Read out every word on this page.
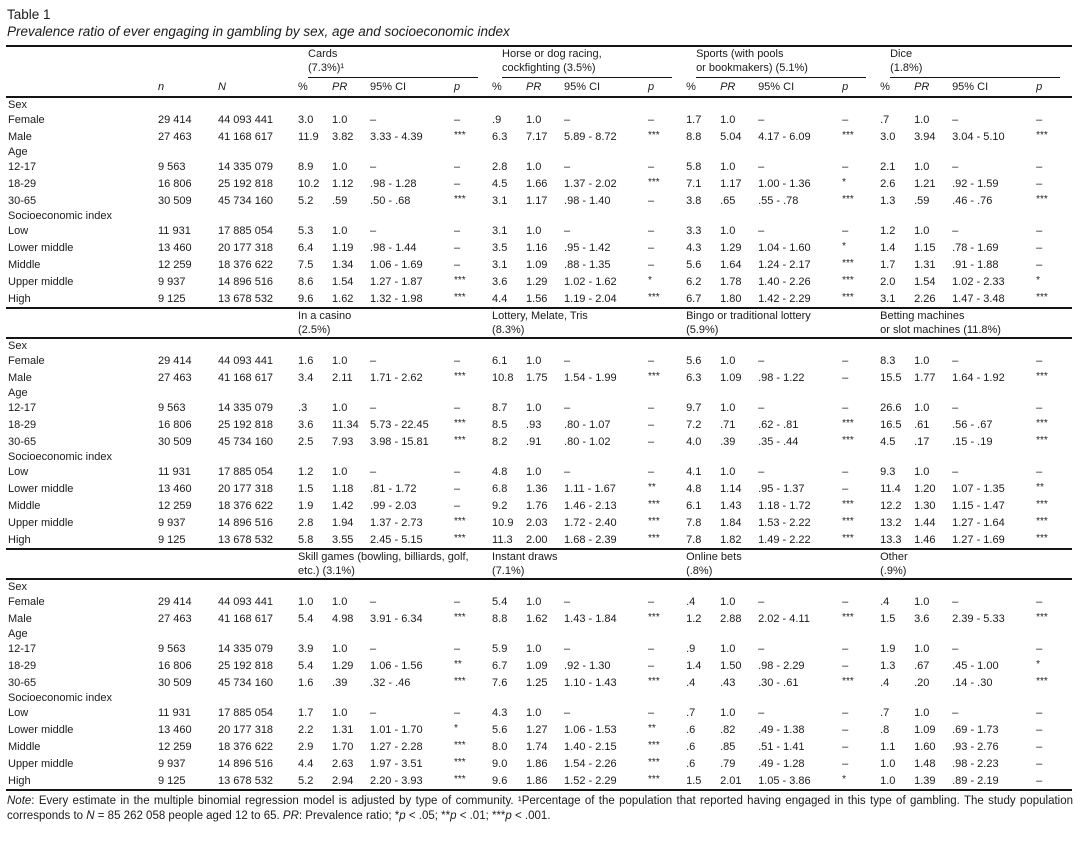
Table 1
Prevalence ratio of ever engaging in gambling by sex, age and socioeconomic index

Cards
(7.3%)¹

Horse or dog racing,
cockfighting (3.5%)

Sports (with pools
or bookmakers) (5.1%)

Dice
(1.8%)

	n	N	%	PR	95% CI	p	%	PR	95% CI	p	%	PR	95% CI	p	%	PR	95% CI	p
Sex																		
Female	29 414	44 093 441	3.0	1.0	–	–	.9	1.0	–	–	1.7	1.0	–	–	.7	1.0	–	–
Male	27 463	41 168 617	11.9	3.82	3.33 - 4.39	***	6.3	7.17	5.89 - 8.72	***	8.8	5.04	4.17 - 6.09	***	3.0	3.94	3.04 - 5.10	***
Age																		
12-17	9 563	14 335 079	8.9	1.0	–	–	2.8	1.0	–	–	5.8	1.0	–	–	2.1	1.0	–	–
18-29	16 806	25 192 818	10.2	1.12	.98 - 1.28	–	4.5	1.66	1.37 - 2.02	***	7.1	1.17	1.00 - 1.36	*	2.6	1.21	.92 - 1.59	–
30-65	30 509	45 734 160	5.2	.59	.50 - .68	***	3.1	1.17	.98 - 1.40	–	3.8	.65	.55 - .78	***	1.3	.59	.46 - .76	***
Socioeconomic index																		
Low	11 931	17 885 054	5.3	1.0	–	–	3.1	1.0	–	–	3.3	1.0	–	–	1.2	1.0	–	–
Lower middle	13 460	20 177 318	6.4	1.19	.98 - 1.44	–	3.5	1.16	.95 - 1.42	–	4.3	1.29	1.04 - 1.60	*	1.4	1.15	.78 - 1.69	–
Middle	12 259	18 376 622	7.5	1.34	1.06 - 1.69	–	3.1	1.09	.88 - 1.35	–	5.6	1.64	1.24 - 2.17	***	1.7	1.31	.91 - 1.88	–
Upper middle	9 937	14 896 516	8.6	1.54	1.27 - 1.87	***	3.6	1.29	1.02 - 1.62	*	6.2	1.78	1.40 - 2.26	***	2.0	1.54	1.02 - 2.33	*
High	9 125	13 678 532	9.6	1.62	1.32 - 1.98	***	4.4	1.56	1.19 - 2.04	***	6.7	1.80	1.42 - 2.29	***	3.1	2.26	1.47 - 3.48	***

In a casino
(2.5%)

Lottery, Melate, Tris
(8.3%)

Bingo or traditional lottery
(5.9%)

Betting machines
or slot machines (11.8%)

Sex																		
Female	29 414	44 093 441	1.6	1.0	–	–	6.1	1.0	–	–	5.6	1.0	–	–	8.3	1.0	–	–
Male	27 463	41 168 617	3.4	2.11	1.71 - 2.62	***	10.8	1.75	1.54 - 1.99	***	6.3	1.09	.98 - 1.22	–	15.5	1.77	1.64 - 1.92	***
Age																		
12-17	9 563	14 335 079	.3	1.0	–	–	8.7	1.0	–	–	9.7	1.0	–	–	26.6	1.0	–	–
18-29	16 806	25 192 818	3.6	11.34	5.73 - 22.45	***	8.5	.93	.80 - 1.07	–	7.2	.71	.62 - .81	***	16.5	.61	.56 - .67	***
30-65	30 509	45 734 160	2.5	7.93	3.98 - 15.81	***	8.2	.91	.80 - 1.02	–	4.0	.39	.35 - .44	***	4.5	.17	.15 - .19	***
Socioeconomic index																		
Low	11 931	17 885 054	1.2	1.0	–	–	4.8	1.0	–	–	4.1	1.0	–	–	9.3	1.0	–	–
Lower middle	13 460	20 177 318	1.5	1.18	.81 - 1.72	–	6.8	1.36	1.11 - 1.67	**	4.8	1.14	.95 - 1.37	–	11.4	1.20	1.07 - 1.35	**
Middle	12 259	18 376 622	1.9	1.42	.99 - 2.03	–	9.2	1.76	1.46 - 2.13	***	6.1	1.43	1.18 - 1.72	***	12.2	1.30	1.15 - 1.47	***
Upper middle	9 937	14 896 516	2.8	1.94	1.37 - 2.73	***	10.9	2.03	1.72 - 2.40	***	7.8	1.84	1.53 - 2.22	***	13.2	1.44	1.27 - 1.64	***
High	9 125	13 678 532	5.8	3.55	2.45 - 5.15	***	11.3	2.00	1.68 - 2.39	***	7.8	1.82	1.49 - 2.22	***	13.3	1.46	1.27 - 1.69	***

Skill games (bowling, billiards, golf,
etc.) (3.1%)

Instant draws
(7.1%)

Online bets
(.8%)

Other
(.9%)

Sex																		
Female	29 414	44 093 441	1.0	1.0	–	–	5.4	1.0	–	–	.4	1.0	–	–	.4	1.0	–	–
Male	27 463	41 168 617	5.4	4.98	3.91 - 6.34	***	8.8	1.62	1.43 - 1.84	***	1.2	2.88	2.02 - 4.11	***	1.5	3.6	2.39 - 5.33	***
Age																		
12-17	9 563	14 335 079	3.9	1.0	–	–	5.9	1.0	–	–	.9	1.0	–	–	1.9	1.0	–	–
18-29	16 806	25 192 818	5.4	1.29	1.06 - 1.56	**	6.7	1.09	.92 - 1.30	–	1.4	1.50	.98 - 2.29	–	1.3	.67	.45 - 1.00	*
30-65	30 509	45 734 160	1.6	.39	.32 - .46	***	7.6	1.25	1.10 - 1.43	***	.4	.43	.30 - .61	***	.4	.20	.14 - .30	***
Socioeconomic index																		
Low	11 931	17 885 054	1.7	1.0	–	–	4.3	1.0	–	–	.7	1.0	–	–	.7	1.0	–	–
Lower middle	13 460	20 177 318	2.2	1.31	1.01 - 1.70	*	5.6	1.27	1.06 - 1.53	**	.6	.82	.49 - 1.38	–	.8	1.09	.69 - 1.73	–
Middle	12 259	18 376 622	2.9	1.70	1.27 - 2.28	***	8.0	1.74	1.40 - 2.15	***	.6	.85	.51 - 1.41	–	1.1	1.60	.93 - 2.76	–
Upper middle	9 937	14 896 516	4.4	2.63	1.97 - 3.51	***	9.0	1.86	1.54 - 2.26	***	.6	.79	.49 - 1.28	–	1.0	1.48	.98 - 2.23	–
High	9 125	13 678 532	5.2	2.94	2.20 - 3.93	***	9.6	1.86	1.52 - 2.29	***	1.5	2.01	1.05 - 3.86	*	1.0	1.39	.89 - 2.19	–
Note: Every estimate in the multiple binomial regression model is adjusted by type of community. ¹Percentage of the population that reported having engaged in this type of gambling. The study population corresponds to N = 85 262 058 people aged 12 to 65. PR: Prevalence ratio; *p < .05; **p < .01; ***p < .001.
